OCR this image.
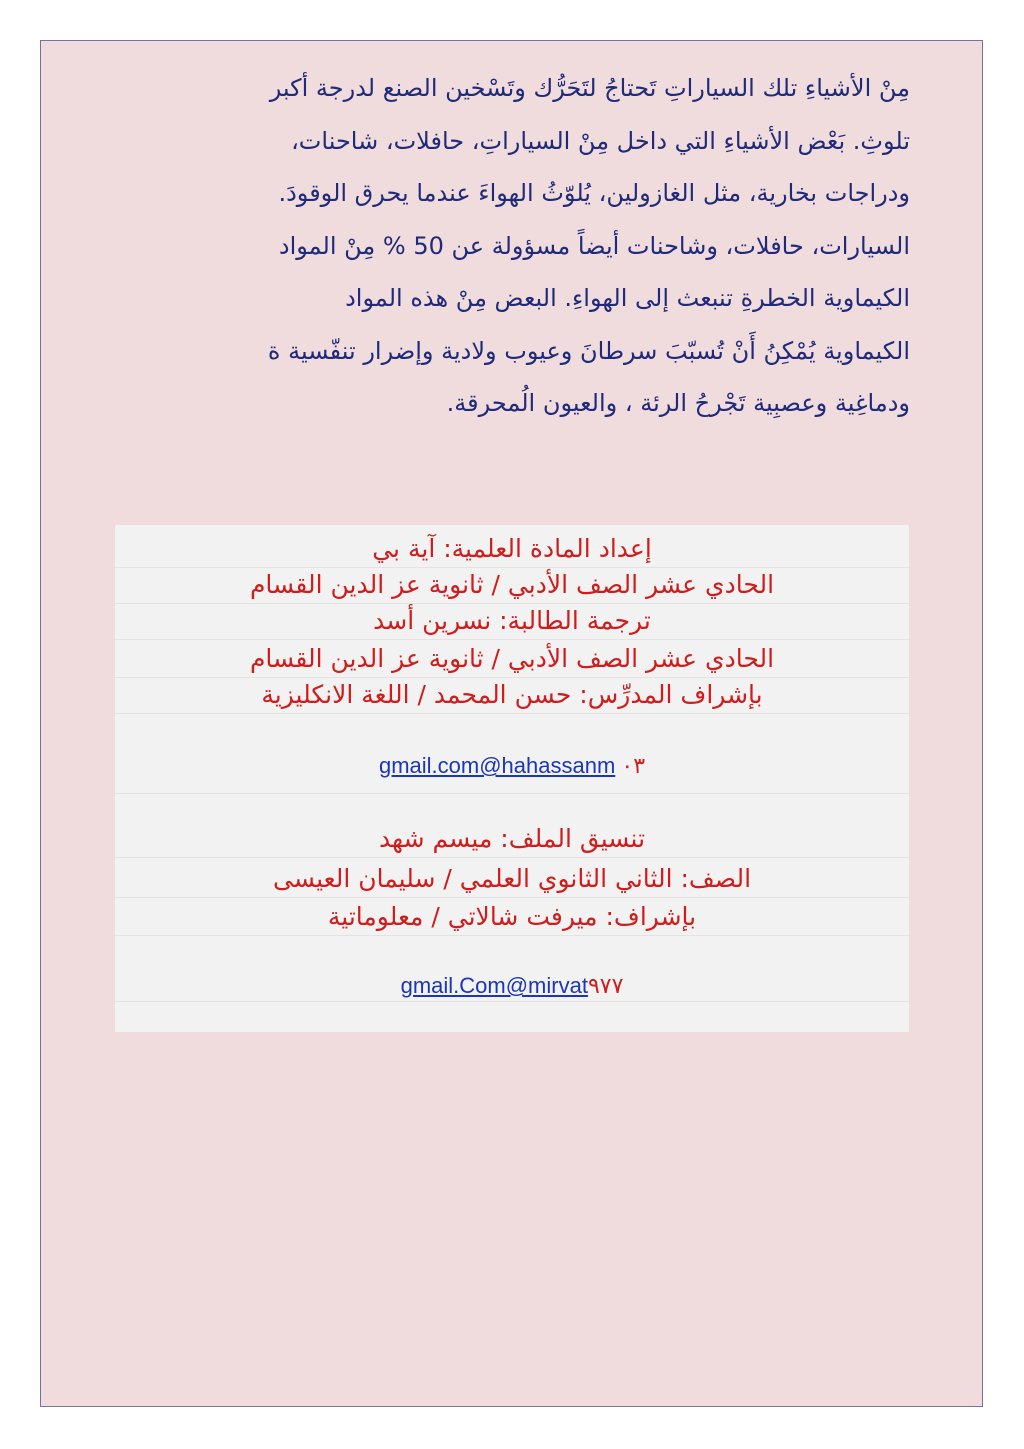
مِنْ الأشياءِ تلك السياراتِ تَحتاجُ لتَحَرُّك وتَسْخين الصنع لدرجة أكبر
تلوثِ. بَعْض الأشياءِ التي داخل مِنْ السياراتِ، حافلات، شاحنات،
ودراجات بخارية، مثل الغازولين، يُلوّثُ الهواءَ عندما يحرق الوقودَ.
السيارات، حافلات، وشاحنات أيضاً مسؤولة عن 50 % مِنْ المواد
الكيماوية الخطرةِ تنبعث إلى الهواءِ. البعض مِنْ هذه المواد
الكيماوية يُمْكِنُ أَنْ تُسبّبَ سرطانَ وعيوب ولادية وإضرار تنفّسية ة
ودماغِية وعصبِية تَجْرحُ الرئة ، والعيون الُمحرقة.
إعداد المادة العلمية: آية بي
الحادي عشر الصف الأدبي / ثانوية عز الدين القسام
ترجمة الطالبة: نسرين أسد
الحادي عشر الصف الأدبي / ثانوية عز الدين القسام
بإشراف المدرِّس: حسن المحمد / اللغة الانكليزية
gmail.com@hahassanm ٠٣
تنسيق الملف: ميسم شهد
الصف: الثاني الثانوي العلمي / سليمان العيسى
بإشراف: ميرفت شالاتي / معلوماتية
gmail.Com@mirvat٩٧٧
